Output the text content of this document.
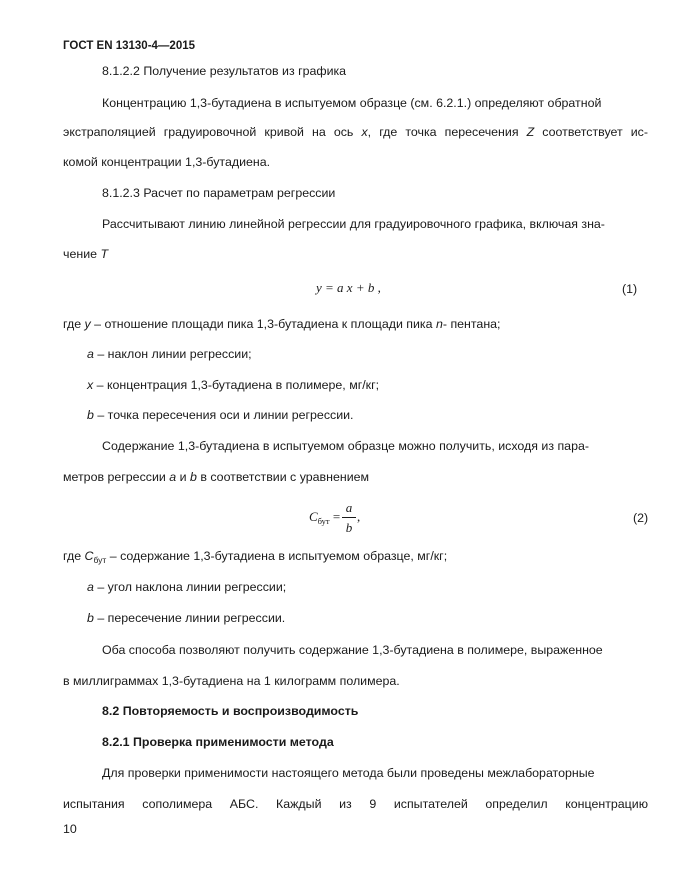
ГОСТ EN 13130-4—2015
8.1.2.2 Получение результатов из графика
Концентрацию 1,3-бутадиена в испытуемом образце (см. 6.2.1.) определяют обратной
экстраполяцией градуировочной кривой на ось x, где точка пересечения Z соответствует ис-
комой концентрации 1,3-бутадиена.
8.1.2.3 Расчет по параметрам регрессии
Рассчитывают линию линейной регрессии для градуировочного графика, включая зна-
чение T
y = a x + b ,	(1)
где y – отношение площади пика 1,3-бутадиена к площади пика n- пентана;
a – наклон линии регрессии;
x – концентрация 1,3-бутадиена в полимере, мг/кг;
b – точка пересечения оси и линии регрессии.
Содержание 1,3-бутадиена в испытуемом образце можно получить, исходя из пара-
метров регрессии a и b в соответствии с уравнением
$C_{бут}$ =
a
b
,	(2)
где $C_{бут}$ – содержание 1,3-бутадиена в испытуемом образце, мг/кг;
a – угол наклона линии регрессии;
b – пересечение линии регрессии.
Оба способа позволяют получить содержание 1,3-бутадиена в полимере, выраженное
в миллиграммах 1,3-бутадиена на 1 килограмм полимера.
8.2 Повторяемость и воспроизводимость
8.2.1 Проверка применимости метода
Для проверки применимости настоящего метода были проведены межлабораторные
испытания сополимера АБС. Каждый из 9 испытателей определил концентрацию
10
